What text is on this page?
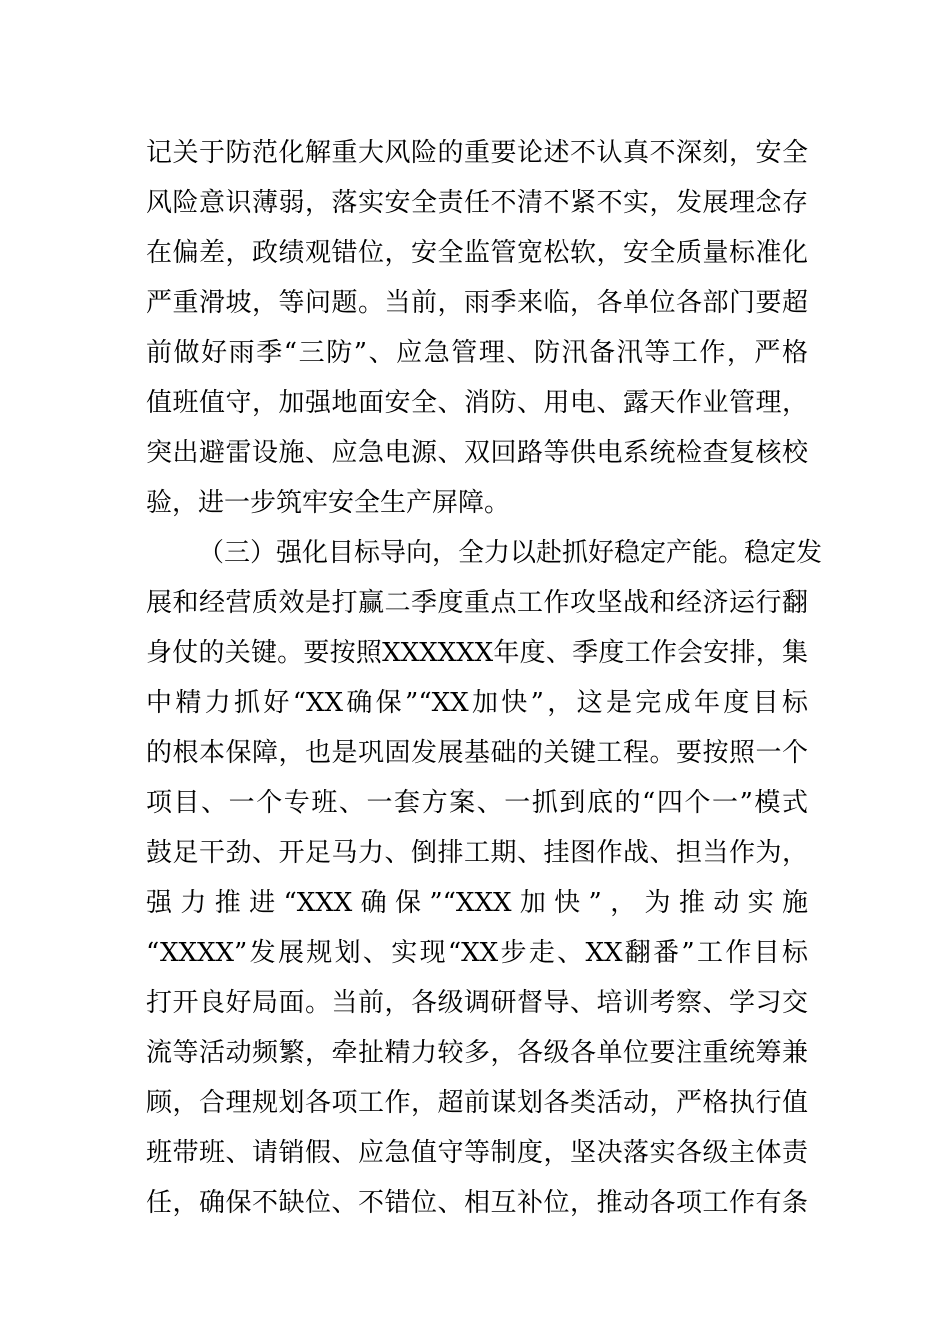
记关于防范化解重大风险的重要论述不认真不深刻，安全
风险意识薄弱，落实安全责任不清不紧不实，发展理念存
在偏差，政绩观错位，安全监管宽松软，安全质量标准化
严重滑坡，等问题。当前，雨季来临，各单位各部门要超
前做好雨季“三防”、应急管理、防汛备汛等工作，严格
值班值守，加强地面安全、消防、用电、露天作业管理，
突出避雷设施、应急电源、双回路等供电系统检查复核校
验，进一步筑牢安全生产屏障。
（三）强化目标导向，全力以赴抓好稳定产能。稳定发
展和经营质效是打赢二季度重点工作攻坚战和经济运行翻
身仗的关键。要按照XXXXXX年度、季度工作会安排，集
中精力抓好“XX确保”“XX加快”，这是完成年度目标
的根本保障，也是巩固发展基础的关键工程。要按照一个
项目、一个专班、一套方案、一抓到底的“四个一”模式
鼓足干劲、开足马力、倒排工期、挂图作战、担当作为，
强力推进“XXX确保”“XXX加快”，为推动实施
“XXXX”发展规划、实现“XX步走、XX翻番”工作目标
打开良好局面。当前，各级调研督导、培训考察、学习交
流等活动频繁，牵扯精力较多，各级各单位要注重统筹兼
顾，合理规划各项工作，超前谋划各类活动，严格执行值
班带班、请销假、应急值守等制度，坚决落实各级主体责
任，确保不缺位、不错位、相互补位，推动各项工作有条
